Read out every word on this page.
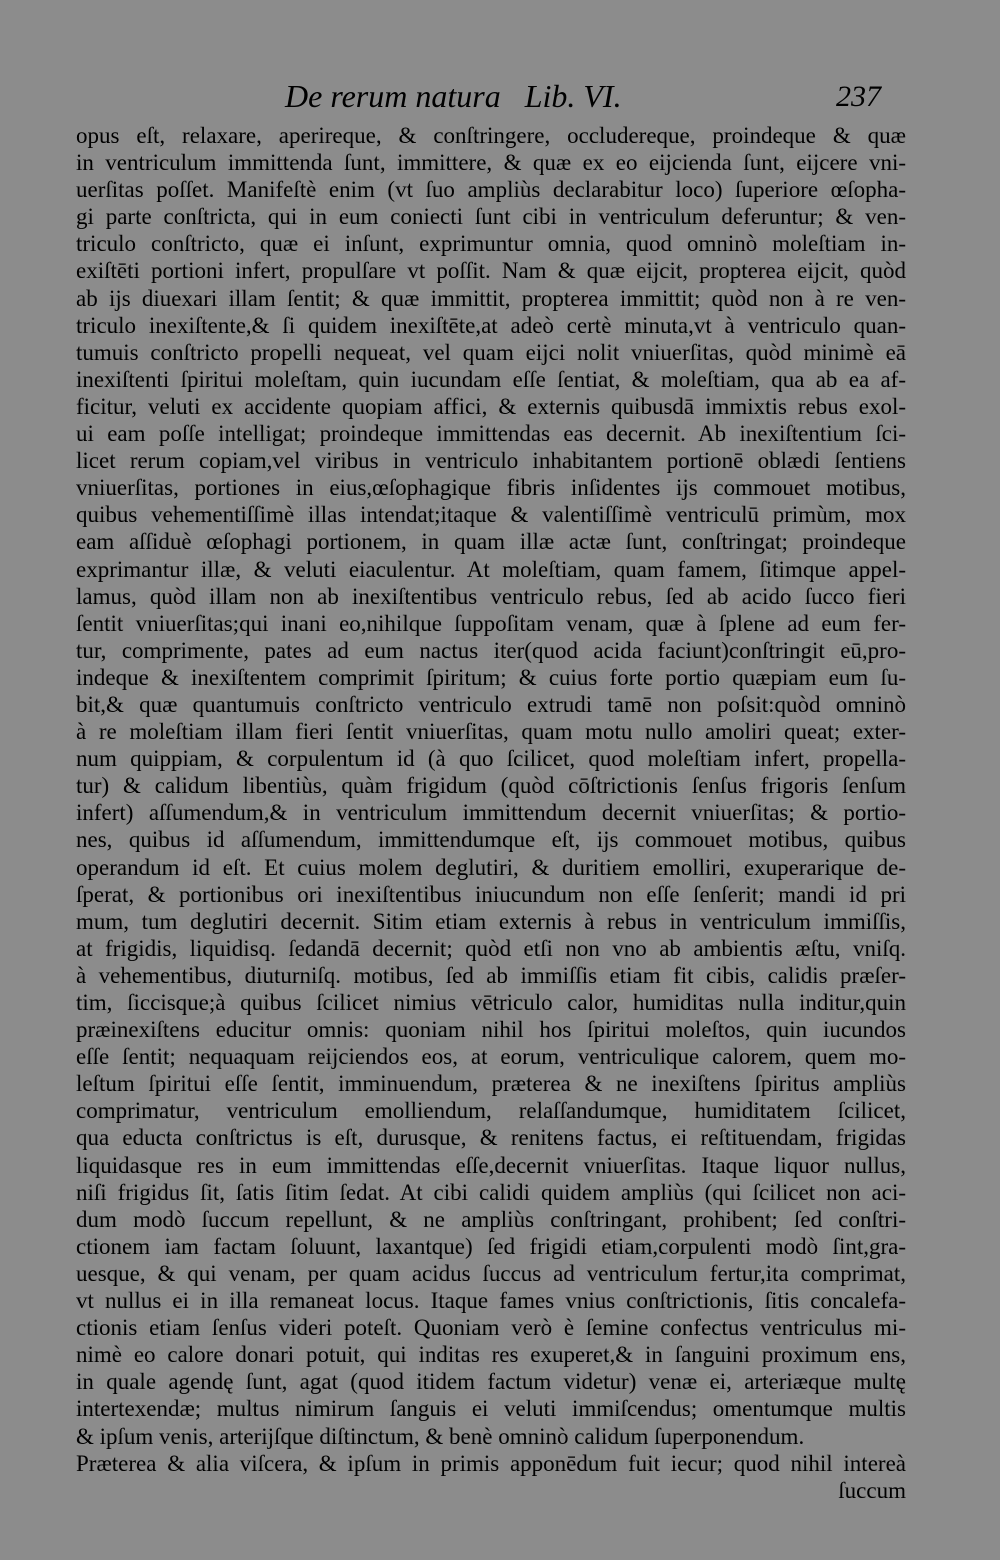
De rerum natura   Lib. VI.	237
opus eſt, relaxare, aperireque, & conſtringere, occludereque, proindeque & quæ
in ventriculum immittenda ſunt, immittere, & quæ ex eo eijcienda ſunt, eijcere vni-
uerſitas poſſet. Manifeſtè enim (vt ſuo ampliùs declarabitur loco) ſuperiore œſopha-
gi parte conſtricta, qui in eum coniecti ſunt cibi in ventriculum deferuntur; & ven-
triculo conſtricto, quæ ei inſunt, exprimuntur omnia, quod omninò moleſtiam in-
exiſtēti portioni infert, propulſare vt poſſit. Nam & quæ eijcit, propterea eijcit, quòd
ab ijs diuexari illam ſentit; & quæ immittit, propterea immittit; quòd non à re ven-
triculo inexiſtente,& ſi quidem inexiſtēte,at adeò certè minuta,vt à ventriculo quan-
tumuis conſtricto propelli nequeat, vel quam eijci nolit vniuerſitas, quòd minimè eā
inexiſtenti ſpiritui moleſtam, quin iucundam eſſe ſentiat, & moleſtiam, qua ab ea af-
ficitur, veluti ex accidente quopiam affici, & externis quibusdā immixtis rebus exol-
ui eam poſſe intelligat; proindeque immittendas eas decernit. Ab inexiſtentium ſci-
licet rerum copiam,vel viribus in ventriculo inhabitantem portionē oblædi ſentiens
vniuerſitas, portiones in eius,œſophagique fibris inſidentes ijs commouet motibus,
quibus vehementiſſimè illas intendat;itaque & valentiſſimè ventriculū primùm, mox
eam aſſiduè œſophagi portionem, in quam illæ actæ ſunt, conſtringat; proindeque
exprimantur illæ, & veluti eiaculentur. At moleſtiam, quam famem, ſitimque appel-
lamus, quòd illam non ab inexiſtentibus ventriculo rebus, ſed ab acido ſucco fieri
ſentit vniuerſitas;qui inani eo,nihilque ſuppoſitam venam, quæ à ſplene ad eum fer-
tur, comprimente, pates ad eum nactus iter(quod acida faciunt)conſtringit eū,pro-
indeque & inexiſtentem comprimit ſpiritum; & cuius forte portio quæpiam eum ſu-
bit,& quæ quantumuis conſtricto ventriculo extrudi tamē non poſsit:quòd omninò
à re moleſtiam illam fieri ſentit vniuerſitas, quam motu nullo amoliri queat; exter-
num quippiam, & corpulentum id (à quo ſcilicet, quod moleſtiam infert, propella-
tur) & calidum libentiùs, quàm frigidum (quòd cōſtrictionis ſenſus frigoris ſenſum
infert) aſſumendum,& in ventriculum immittendum decernit vniuerſitas; & portio-
nes, quibus id aſſumendum, immittendumque eſt, ijs commouet motibus, quibus
operandum id eſt. Et cuius molem deglutiri, & duritiem emolliri, exuperarique de-
ſperat, & portionibus ori inexiſtentibus iniucundum non eſſe ſenſerit; mandi id pri
mum, tum deglutiri decernit. Sitim etiam externis à rebus in ventriculum immiſſis,
at frigidis, liquidisq. ſedandā decernit; quòd etſi non vno ab ambientis æſtu, vniſq.
à vehementibus, diuturniſq. motibus, ſed ab immiſſis etiam fit cibis, calidis præſer-
tim, ſiccisque;à quibus ſcilicet nimius vētriculo calor, humiditas nulla inditur,quin
præinexiſtens educitur omnis: quoniam nihil hos ſpiritui moleſtos, quin iucundos
eſſe ſentit; nequaquam reijciendos eos, at eorum, ventriculique calorem, quem mo-
leſtum ſpiritui eſſe ſentit, imminuendum, præterea & ne inexiſtens ſpiritus ampliùs
comprimatur, ventriculum emolliendum, relaſſandumque, humiditatem ſcilicet,
qua educta conſtrictus is eſt, durusque, & renitens factus, ei reſtituendam, frigidas
liquidasque res in eum immittendas eſſe,decernit vniuerſitas. Itaque liquor nullus,
niſi frigidus ſit, ſatis ſitim ſedat. At cibi calidi quidem ampliùs (qui ſcilicet non aci-
dum modò ſuccum repellunt, & ne ampliùs conſtringant, prohibent; ſed conſtri-
ctionem iam factam ſoluunt, laxantque) ſed frigidi etiam,corpulenti modò ſint,gra-
uesque, & qui venam, per quam acidus ſuccus ad ventriculum fertur,ita comprimat,
vt nullus ei in illa remaneat locus. Itaque fames vnius conſtrictionis, ſitis concalefa-
ctionis etiam ſenſus videri poteſt. Quoniam verò è ſemine confectus ventriculus mi-
nimè eo calore donari potuit, qui inditas res exuperet,& in ſanguini proximum ens,
in quale agendę ſunt, agat (quod itidem factum videtur) venæ ei, arteriæque multę
intertexendæ; multus nimirum ſanguis ei veluti immiſcendus; omentumque multis
& ipſum venis, arterijſque diſtinctum, & benè omninò calidum ſuperponendum.
Præterea & alia viſcera, & ipſum in primis apponēdum fuit iecur; quod nihil intereà
ſuccum
